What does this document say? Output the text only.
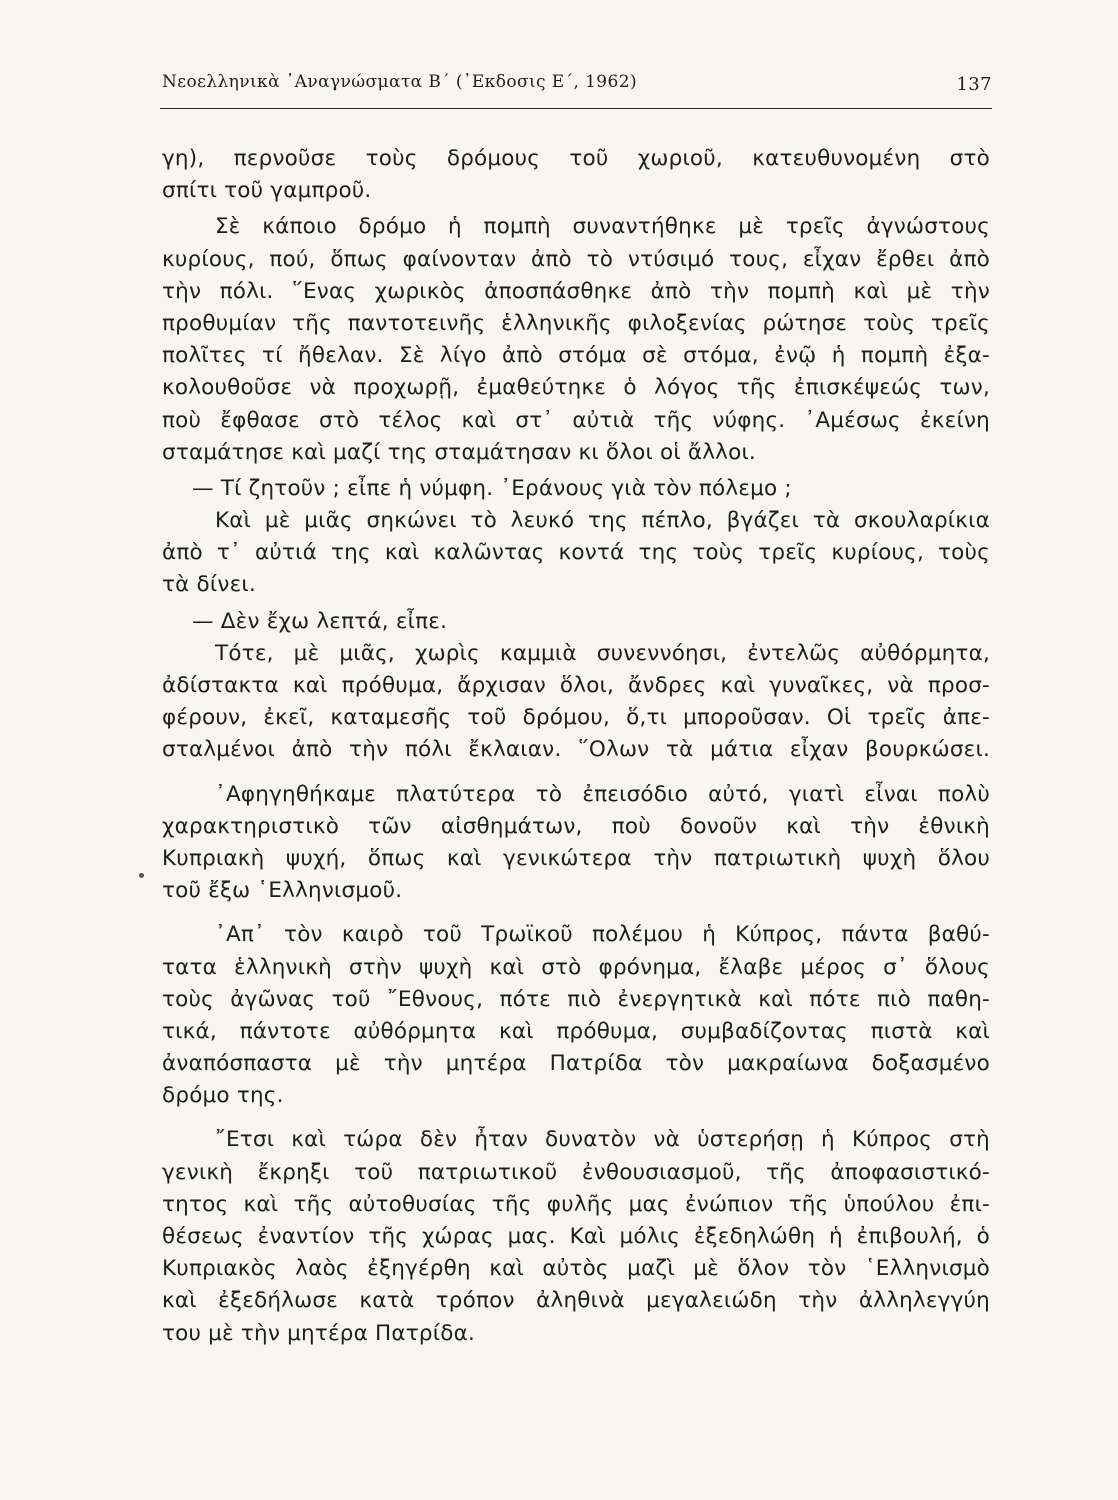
Νεοελληνικὰ ᾿Αναγνώσματα Β΄ (᾿Εκδοσις Ε΄, 1962)	137
γη), περνοῦσε τοὺς δρόμους τοῦ χωριοῦ, κατευθυνομένη στὸ
σπίτι τοῦ γαμπροῦ.
Σὲ κάποιο δρόμο ἡ πομπὴ συναντήθηκε μὲ τρεῖς ἀγνώστους
κυρίους, πού, ὅπως φαίνονταν ἀπὸ τὸ ντύσιμό τους, εἶχαν ἔρθει ἀπὸ
τὴν πόλι. ῞Ενας χωρικὸς ἀποσπάσθηκε ἀπὸ τὴν πομπὴ καὶ μὲ τὴν
προθυμίαν τῆς παντοτεινῆς ἑλληνικῆς φιλοξενίας ρώτησε τοὺς τρεῖς
πολῖτες τί ἤθελαν. Σὲ λίγο ἀπὸ στόμα σὲ στόμα, ἐνῷ ἡ πομπὴ ἐξα-
κολουθοῦσε νὰ προχωρῇ, ἐμαθεύτηκε ὁ λόγος τῆς ἐπισκέψεώς των,
ποὺ ἔφθασε στὸ τέλος καὶ στ᾿ αὐτιὰ τῆς νύφης. ᾿Αμέσως ἐκείνη
σταμάτησε καὶ μαζί της σταμάτησαν κι ὅλοι οἱ ἄλλοι.
— Τί ζητοῦν ; εἶπε ἡ νύμφη. ᾿Εράνους γιὰ τὸν πόλεμο ;
Καὶ μὲ μιᾶς σηκώνει τὸ λευκό της πέπλο, βγάζει τὰ σκουλαρίκια
ἀπὸ τ᾿ αὐτιά της καὶ καλῶντας κοντά της τοὺς τρεῖς κυρίους, τοὺς
τὰ δίνει.
— Δὲν ἔχω λεπτά, εἶπε.
Τότε, μὲ μιᾶς, χωρὶς καμμιὰ συνεννόησι, ἐντελῶς αὐθόρμητα,
ἀδίστακτα καὶ πρόθυμα, ἄρχισαν ὅλοι, ἄνδρες καὶ γυναῖκες, νὰ προσ-
φέρουν, ἐκεῖ, καταμεσῆς τοῦ δρόμου, ὅ,τι μποροῦσαν. Οἱ τρεῖς ἀπε-
σταλμένοι ἀπὸ τὴν πόλι ἔκλαιαν. ῞Ολων τὰ μάτια εἶχαν βουρκώσει.
᾿Αφηγηθήκαμε πλατύτερα τὸ ἐπεισόδιο αὐτό, γιατὶ εἶναι πολὺ
χαρακτηριστικὸ τῶν αἰσθημάτων, ποὺ δονοῦν καὶ τὴν ἐθνικὴ
Κυπριακὴ ψυχή, ὅπως καὶ γενικώτερα τὴν πατριωτικὴ ψυχὴ ὅλου
τοῦ ἔξω ῾Ελληνισμοῦ.
᾿Απ᾿ τὸν καιρὸ τοῦ Τρωϊκοῦ πολέμου ἡ Κύπρος, πάντα βαθύ-
τατα ἑλληνικὴ στὴν ψυχὴ καὶ στὸ φρόνημα, ἔλαβε μέρος σ᾿ ὅλους
τοὺς ἀγῶνας τοῦ ῎Εθνους, πότε πιὸ ἐνεργητικὰ καὶ πότε πιὸ παθη-
τικά, πάντοτε αὐθόρμητα καὶ πρόθυμα, συμβαδίζοντας πιστὰ καὶ
ἀναπόσπαστα μὲ τὴν μητέρα Πατρίδα τὸν μακραίωνα δοξασμένο
δρόμο της.
῎Ετσι καὶ τώρα δὲν ἦταν δυνατὸν νὰ ὑστερήσῃ ἡ Κύπρος στὴ
γενικὴ ἔκρηξι τοῦ πατριωτικοῦ ἐνθουσιασμοῦ, τῆς ἀποφασιστικό-
τητος καὶ τῆς αὐτοθυσίας τῆς φυλῆς μας ἐνώπιον τῆς ὑπούλου ἐπι-
θέσεως ἐναντίον τῆς χώρας μας. Καὶ μόλις ἐξεδηλώθη ἡ ἐπιβουλή, ὁ
Κυπριακὸς λαὸς ἐξηγέρθη καὶ αὐτὸς μαζὶ μὲ ὅλον τὸν ῾Ελληνισμὸ
καὶ ἐξεδήλωσε κατὰ τρόπον ἀληθινὰ μεγαλειώδη τὴν ἀλληλεγγύη
του μὲ τὴν μητέρα Πατρίδα.
